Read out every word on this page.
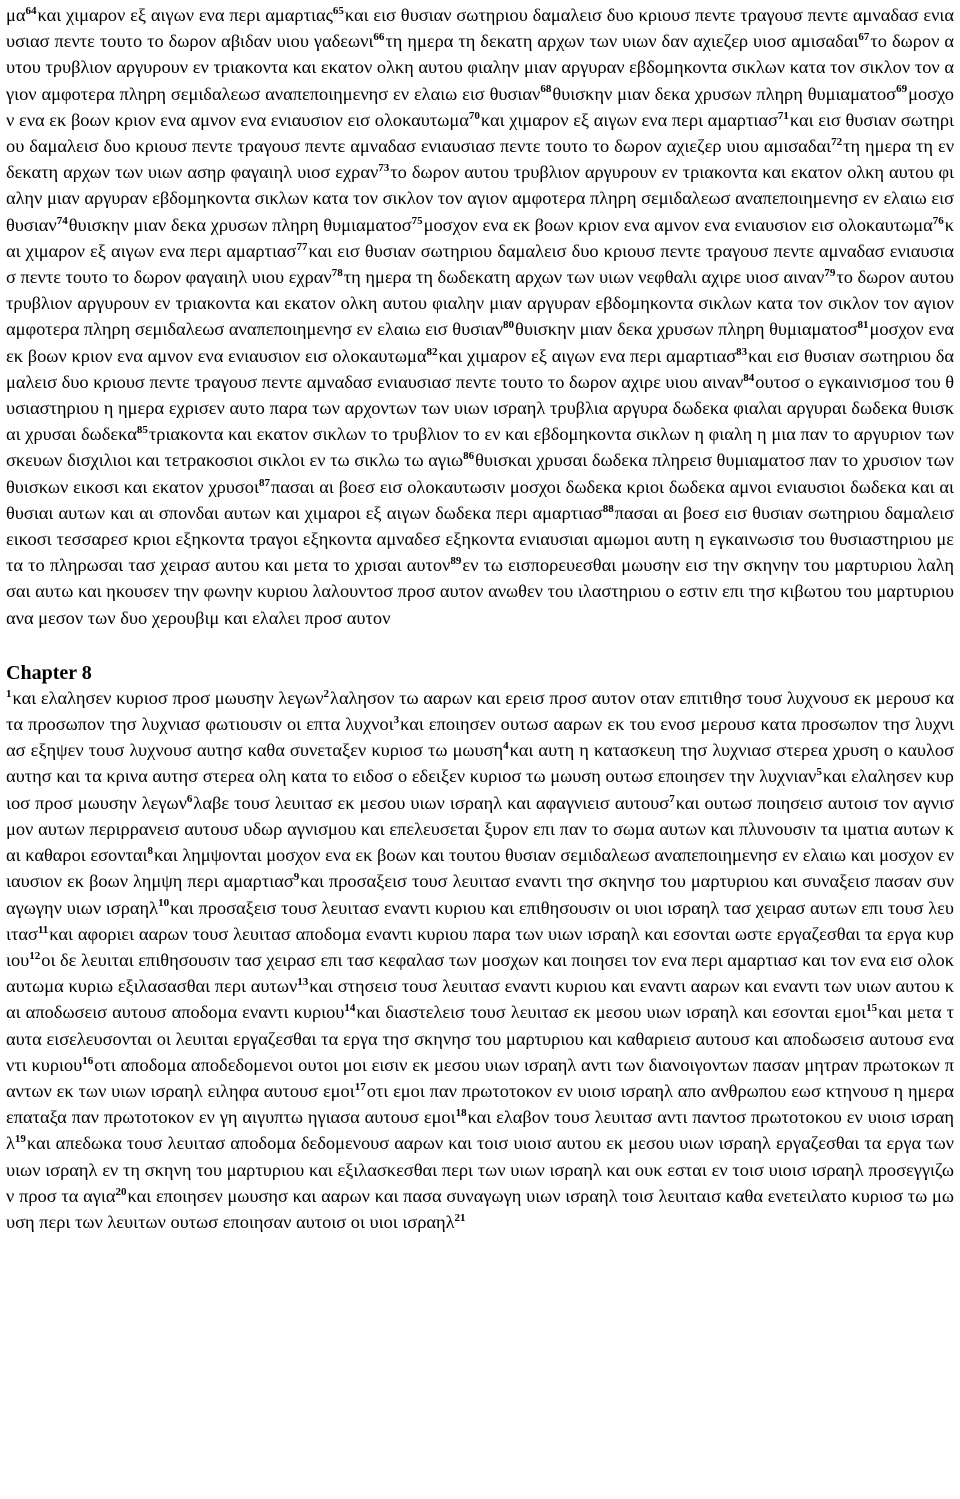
$\mu\alpha^{64}\kappa\alpha\iota$ χιμαρον εξ αιγων ενα περι αμαρτιας$^{65}$και εισ θυσιαν σωτηριου δαμαλεισ δυο κριουσ πεντε τραγουσ πεντε αμναδασ ενιαυσιασ πεντε τουτο το δωρον αβιδαν υιου γαδεωνι$^{66}$τη ημερα τη δεκατη αρχων των υιων δαν αχιεζερ υιοσ αμισαδαι$^{67}$το δωρον αυτου τρυβλιον αργυρουν εν τριακοντα και εκατον ολκη αυτου φιαλην μιαν αργυραν εβδομηκοντα σικλων κατα τον σικλον τον αγιον αμφοτερα πληρη σεμιδαλεωσ αναπεποιημενησ εν ελαιω εισ θυσιαν$^{68}$θυισκην μιαν δεκα χρυσων πληρη θυμιαματοσ$^{69}$μοσχον ενα εκ βοων κριον ενα αμνον ενα ενιαυσιον εισ ολοκαυτωμα$^{70}$και χιμαρον εξ αιγων ενα περι αμαρτιασ$^{71}$και εισ θυσιαν σωτηριου δαμαλεισ δυο κριουσ πεντε τραγουσ πεντε αμναδασ ενιαυσιασ πεντε τουτο το δωρον αχιεζερ υιου αμισαδαι$^{72}$τη ημερα τη ενδεκατη αρχων των υιων ασηρ φαγαιηλ υιοσ εχραν$^{73}$το δωρον αυτου τρυβλιον αργυρουν εν τριακοντα και εκατον ολκη αυτου φιαλην μιαν αργυραν εβδομηκοντα σικλων κατα τον σικλον τον αγιον αμφοτερα πληρη σεμιδαλεωσ αναπεποιημενησ εν ελαιω εισ θυσιαν$^{74}$θυισκην μιαν δεκα χρυσων πληρη θυμιαματοσ$^{75}$μοσχον ενα εκ βοων κριον ενα αμνον ενα ενιαυσιον εισ ολοκαυτωμα$^{76}$και χιμαρον εξ αιγων ενα περι αμαρτιασ$^{77}$και εισ θυσιαν σωτηριου δαμαλεισ δυο κριουσ πεντε τραγουσ πεντε αμναδασ ενιαυσιασ πεντε τουτο το δωρον φαγαιηλ υιου εχραν$^{78}$τη ημερα τη δωδεκατη αρχων των υιων νεφθαλι αχιρε υιοσ αιναν$^{79}$το δωρον αυτου τρυβλιον αργυρουν εν τριακοντα και εκατον ολκη αυτου φιαλην μιαν αργυραν εβδομηκοντα σικλων κατα τον σικλον τον αγιον αμφοτερα πληρη σεμιδαλεωσ αναπεποιημενησ εν ελαιω εισ θυσιαν$^{80}$θυισκην μιαν δεκα χρυσων πληρη θυμιαματοσ$^{81}$μοσχον ενα εκ βοων κριον ενα αμνον ενα ενιαυσιον εισ ολοκαυτωμα$^{82}$και χιμαρον εξ αιγων ενα περι αμαρτιασ$^{83}$και εισ θυσιαν σωτηριου δαμαλεισ δυο κριουσ πεντε τραγουσ πεντε αμναδασ ενιαυσιασ πεντε τουτο το δωρον αχιρε υιου αιναν$^{84}$ουτοσ ο εγκαινισμοσ του θυσιαστηριου η ημερα εχρισεν αυτο παρα των αρχοντων των υιων ισραηλ τρυβλια αργυρα δωδεκα φιαλαι αργυραι δωδεκα θυισκαι χρυσαι δωδεκα$^{85}$τριακοντα και εκατον σικλων το τρυβλιον το εν και εβδομηκοντα σικλων η φιαλη η μια παν το αργυριον των σκευων δισχιλιοι και τετρακοσιοι σικλοι εν τω σικλω τω αγιω$^{86}$θυισκαι χρυσαι δωδεκα πληρεισ θυμιαματοσ παν το χρυσιον των θυισκων εικοσι και εκατον χρυσοι$^{87}$πασαι αι βοεσ εισ ολοκαυτωσιν μοσχοι δωδεκα κριοι δωδεκα αμνοι ενιαυσιοι δωδεκα και αι θυσιαι αυτων και αι σπονδαι αυτων και χιμαροι εξ αιγων δωδεκα περι αμαρτιασ$^{88}$πασαι αι βοεσ εισ θυσιαν σωτηριου δαμαλεισ εικοσι τεσσαρεσ κριοι εξηκοντα τραγοι εξηκοντα αμναδεσ εξηκοντα ενιαυσιαι αμωμοι αυτη η εγκαινωσισ του θυσιαστηριου μετα το πληρωσαι τασ χειρασ αυτου και μετα το χρισαι αυτον$^{89}$εν τω εισπορευεσθαι μωυσην εισ την σκηνην του μαρτυριου λαλησαι αυτω και ηκουσεν την φωνην κυριου λαλουντοσ προσ αυτον ανωθεν του ιλαστηριου ο εστιν επι τησ κιβωτου του μαρτυριου ανα μεσον των δυο χερουβιμ και ελαλει προσ αυτον

Chapter 8

$^1$και ελαλησεν κυριοσ προσ μωυσην λεγων$^2$λαλησον τω ααρων και ερεισ προσ αυτον οταν επιτιθησ τουσ λυχνουσ εκ μερουσ κατα προσωπον τησ λυχνιασ φωτιουσιν οι επτα λυχνοι$^3$και εποιησεν ουτωσ ααρων εκ του ενοσ μερουσ κατα προσωπον τησ λυχνιασ εξηψεν τουσ λυχνουσ αυτησ καθα συνεταξεν κυριοσ τω μωυση$^4$και αυτη η κατασκευη τησ λυχνιασ στερεα χρυση ο καυλοσ αυτησ και τα κρινα αυτησ στερεα ολη κατα το ειδοσ ο εδειξεν κυριοσ τω μωυση ουτωσ εποιησεν την λυχνιαν$^5$και ελαλησεν κυριοσ προσ μωυσην λεγων$^6$λαβε τουσ λευιτασ εκ μεσου υιων ισραηλ και αφαγνιεισ αυτουσ$^7$και ουτωσ ποιησεισ αυτοισ τον αγνισμον αυτων περιρρανεισ αυτουσ υδωρ αγνισμου και επελευσεται ξυρον επι παν το σωμα αυτων και πλυνουσιν τα ιματια αυτων και καθαροι εσονται$^8$και λημψονται μοσχον ενα εκ βοων και τουτου θυσιαν σεμιδαλεωσ αναπεποιημενησ εν ελαιω και μοσχον ενιαυσιον εκ βοων λημψη περι αμαρτιασ$^9$και προσαξεισ τουσ λευιτασ εναντι τησ σκηνησ του μαρτυριου και συναξεισ πασαν συναγωγην υιων ισραηλ$^{10}$και προσαξεισ τουσ λευιτασ εναντι κυριου και επιθησουσιν οι υιοι ισραηλ τασ χειρασ αυτων επι τουσ λευιτασ$^{11}$και αφοριει ααρων τουσ λευιτασ αποδομα εναντι κυριου παρα των υιων ισραηλ και εσονται ωστε εργαζεσθαι τα εργα κυριου$^{12}$οι δε λευιται επιθησουσιν τασ χειρασ επι τασ κεφαλασ των μοσχων και ποιησει τον ενα περι αμαρτιασ και τον ενα εισ ολοκαυτωμα κυριω εξιλασασθαι περι αυτων$^{13}$και στησεισ τουσ λευιτασ εναντι κυριου και εναντι ααρων και εναντι των υιων αυτου και αποδωσεισ αυτουσ αποδομα εναντι κυριου$^{14}$και διαστελεισ τουσ λευιτασ εκ μεσου υιων ισραηλ και εσονται εμοι$^{15}$και μετα ταυτα εισελευσονται οι λευιται εργαζεσθαι τα εργα τησ σκηνησ του μαρτυριου και καθαριεισ αυτουσ και αποδωσεισ αυτουσ εναντι κυριου$^{16}$οτι αποδομα αποδεδομενοι ουτοι μοι εισιν εκ μεσου υιων ισραηλ αντι των διανοιγοντων πασαν μητραν πρωτοκων παντων εκ των υιων ισραηλ ειληφα αυτουσ εμοι$^{17}$οτι εμοι παν πρωτοτοκον εν υιοισ ισραηλ απο ανθρωπου εωσ κτηνουσ η ημερα επαταξα παν πρωτοτοκον εν γη αιγυπτω ηγιασα αυτουσ εμοι$^{18}$και ελαβον τουσ λευιτασ αντι παντοσ πρωτοτοκου εν υιοισ ισραηλ$^{19}$και απεδωκα τουσ λευιτασ αποδομα δεδομενουσ ααρων και τοισ υιοισ αυτου εκ μεσου υιων ισραηλ εργαζεσθαι τα εργα των υιων ισραηλ εν τη σκηνη του μαρτυριου και εξιλασκεσθαι περι των υιων ισραηλ και ουκ εσται εν τοισ υιοισ ισραηλ προσεγγιζων προσ τα αγια$^{20}$και εποιησεν μωυσησ και ααρων και πασα συναγωγη υιων ισραηλ τοισ λευιταισ καθα ενετειλατο κυριοσ τω μωυση περι των λευιτων ουτωσ εποιησαν αυτοισ οι υιοι ισραηλ$^{21}$
